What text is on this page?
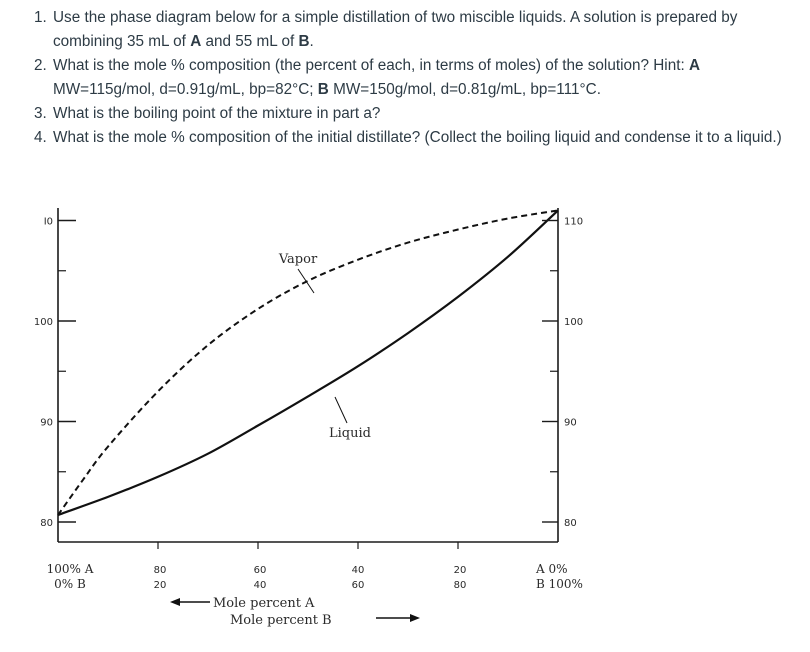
1. Use the phase diagram below for a simple distillation of two miscible liquids. A solution is prepared by combining 35 mL of A and 55 mL of B.
2. What is the mole % composition (the percent of each, in terms of moles) of the solution? Hint: A MW=115g/mol, d=0.91g/mL, bp=82°C; B MW=150g/mol, d=0.81g/mL, bp=111°C.
3. What is the boiling point of the mixture in part a?
4. What is the mole % composition of the initial distillate? (Collect the boiling liquid and condense it to a liquid.)
80
90
100
I0
80
90
100
110
100% A	80	60	40	20	A 0%
0% B	20	40	60	80	B 100%
Mole percent A
Mole percent B
Vapor
Liquid
